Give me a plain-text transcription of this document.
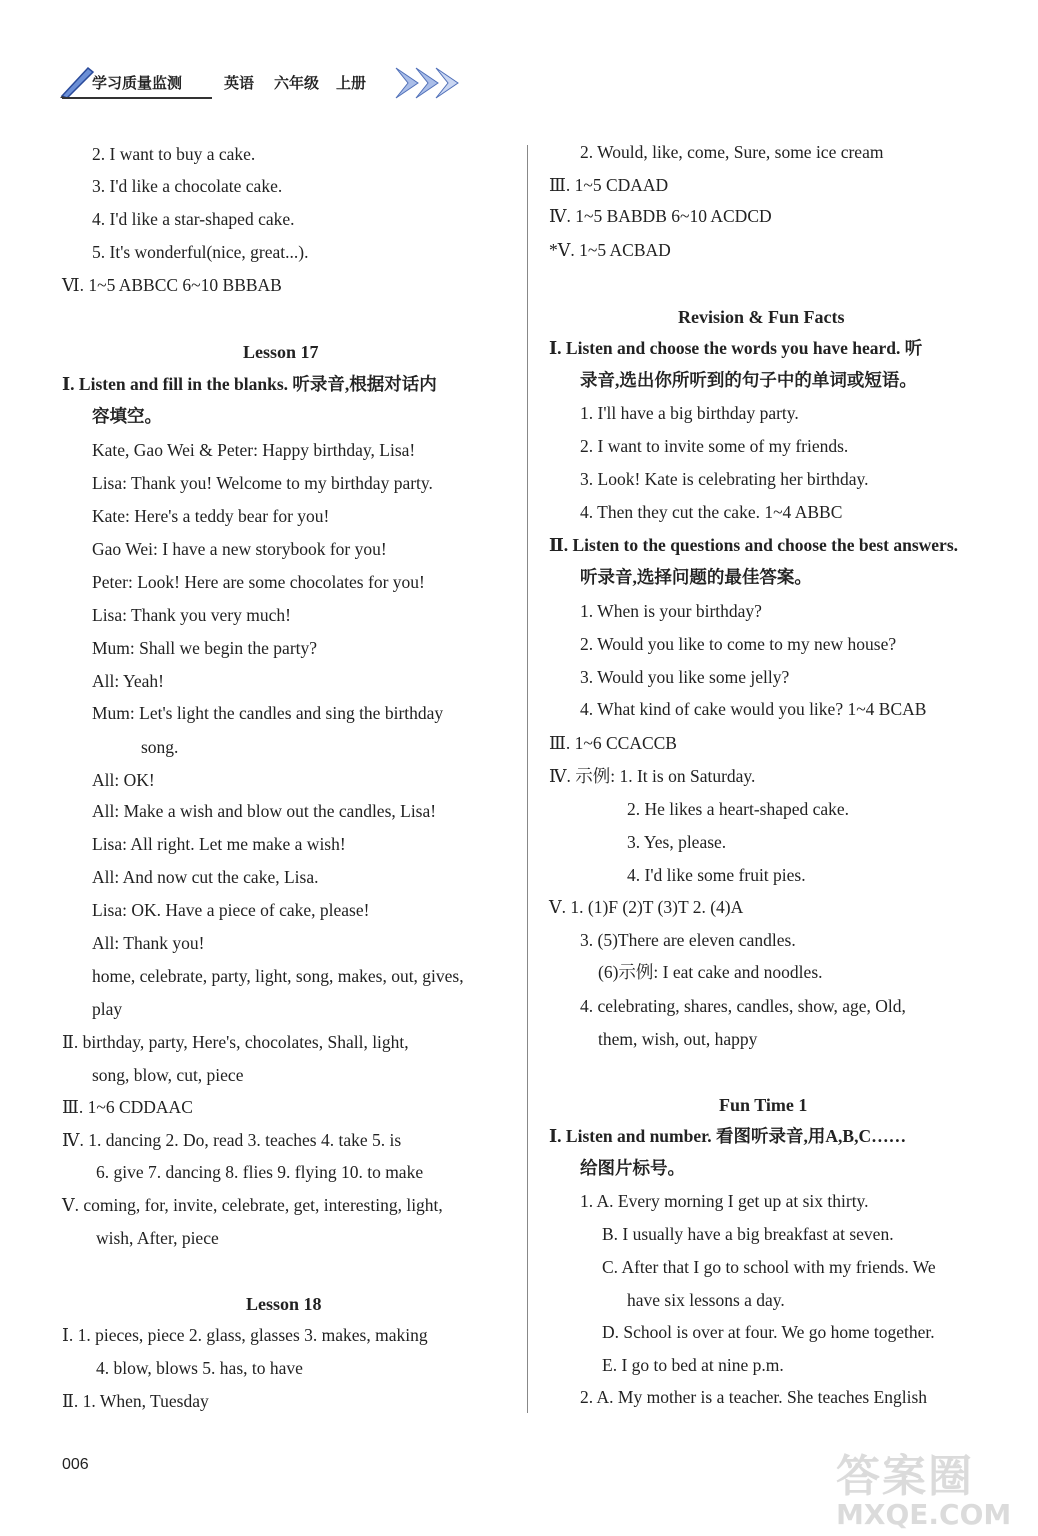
学习质量监测	英语 六年级 上册
2. I want to buy a cake.
3. I'd like a chocolate cake.
4. I'd like a star-shaped cake.
5. It's wonderful(nice, great...).
Ⅵ. 1~5 ABBCC 6~10 BBBAB
Lesson 17
Ⅰ. Listen and fill in the blanks. 听录音,根据对话内
容填空。
Kate, Gao Wei & Peter: Happy birthday, Lisa!
Lisa: Thank you! Welcome to my birthday party.
Kate: Here's a teddy bear for you!
Gao Wei: I have a new storybook for you!
Peter: Look! Here are some chocolates for you!
Lisa: Thank you very much!
Mum: Shall we begin the party?
All: Yeah!
Mum: Let's light the candles and sing the birthday
song.
All: OK!
All: Make a wish and blow out the candles, Lisa!
Lisa: All right. Let me make a wish!
All: And now cut the cake, Lisa.
Lisa: OK. Have a piece of cake, please!
All: Thank you!
home, celebrate, party, light, song, makes, out, gives,
play
Ⅱ. birthday, party, Here's, chocolates, Shall, light,
song, blow, cut, piece
Ⅲ. 1~6 CDDAAC
Ⅳ. 1. dancing 2. Do, read 3. teaches 4. take 5. is
6. give 7. dancing 8. flies 9. flying 10. to make
Ⅴ. coming, for, invite, celebrate, get, interesting, light,
wish, After, piece
Lesson 18
Ⅰ. 1. pieces, piece 2. glass, glasses 3. makes, making
4. blow, blows 5. has, to have
Ⅱ. 1. When, Tuesday
2. Would, like, come, Sure, some ice cream
Ⅲ. 1~5 CDAAD
Ⅳ. 1~5 BABDB 6~10 ACDCD
*Ⅴ. 1~5 ACBAD
Revision & Fun Facts
Ⅰ. Listen and choose the words you have heard. 听
录音,选出你所听到的句子中的单词或短语。
1. I'll have a big birthday party.
2. I want to invite some of my friends.
3. Look! Kate is celebrating her birthday.
4. Then they cut the cake. 1~4 ABBC
Ⅱ. Listen to the questions and choose the best answers.
听录音,选择问题的最佳答案。
1. When is your birthday?
2. Would you like to come to my new house?
3. Would you like some jelly?
4. What kind of cake would you like? 1~4 BCAB
Ⅲ. 1~6 CCACCB
Ⅳ. 示例: 1. It is on Saturday.
2. He likes a heart-shaped cake.
3. Yes, please.
4. I'd like some fruit pies.
Ⅴ. 1. (1)F (2)T (3)T 2. (4)A
3. (5)There are eleven candles.
(6)示例: I eat cake and noodles.
4. celebrating, shares, candles, show, age, Old,
them, wish, out, happy
Fun Time 1
Ⅰ. Listen and number. 看图听录音,用A,B,C……
给图片标号。
1. A. Every morning I get up at six thirty.
B. I usually have a big breakfast at seven.
C. After that I go to school with my friends. We
have six lessons a day.
D. School is over at four. We go home together.
E. I go to bed at nine p.m.
2. A. My mother is a teacher. She teaches English
006	答案圈
MXQE.COM
